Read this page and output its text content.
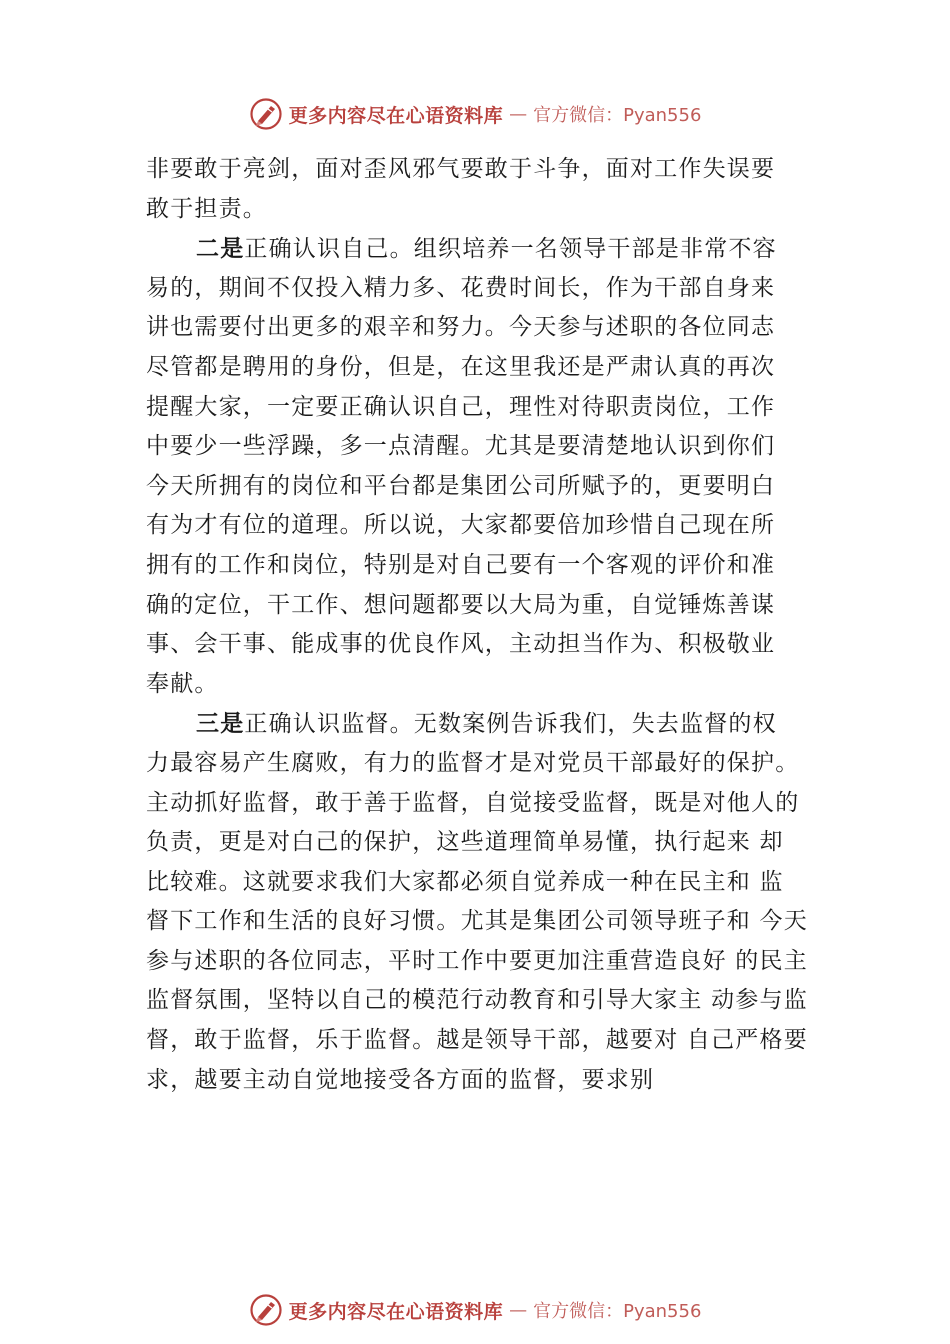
更多内容尽在心语资料库 — 官方微信：Pyan556
非要敢于亮剑，面对歪风邪气要敢于斗争，面对工作失误要
敢于担责。
二是正确认识自己。组织培养一名领导干部是非常不容
易的，期间不仅投入精力多、花费时间长，作为干部自身来
讲也需要付出更多的艰辛和努力。今天参与述职的各位同志
尽管都是聘用的身份，但是，在这里我还是严肃认真的再次
提醒大家，一定要正确认识自己，理性对待职责岗位，工作
中要少一些浮躁，多一点清醒。尤其是要清楚地认识到你们
今天所拥有的岗位和平台都是集团公司所赋予的，更要明白
有为才有位的道理。所以说，大家都要倍加珍惜自己现在所
拥有的工作和岗位，特别是对自己要有一个客观的评价和准
确的定位，干工作、想问题都要以大局为重，自觉锤炼善谋
事、会干事、能成事的优良作风，主动担当作为、积极敬业
奉献。
三是正确认识监督。无数案例告诉我们，失去监督的权
力最容易产生腐败，有力的监督才是对党员干部最好的保护。
主动抓好监督，敢于善于监督，自觉接受监督，既是对他人的
负责，更是对白己的保护，这些道理简单易懂，执行起来 却
比较难。这就要求我们大家都必须自觉养成一种在民主和 监
督下工作和生活的良好习惯。尤其是集团公司领导班子和 今天
参与述职的各位同志，平时工作中要更加注重营造良好 的民主
监督氛围，坚特以自己的模范行动教育和引导大家主 动参与监
督，敢于监督，乐于监督。越是领导干部，越要对 自己严格要
求，越要主动自觉地接受各方面的监督，要求别
更多内容尽在心语资料库 — 官方微信：Pyan556
